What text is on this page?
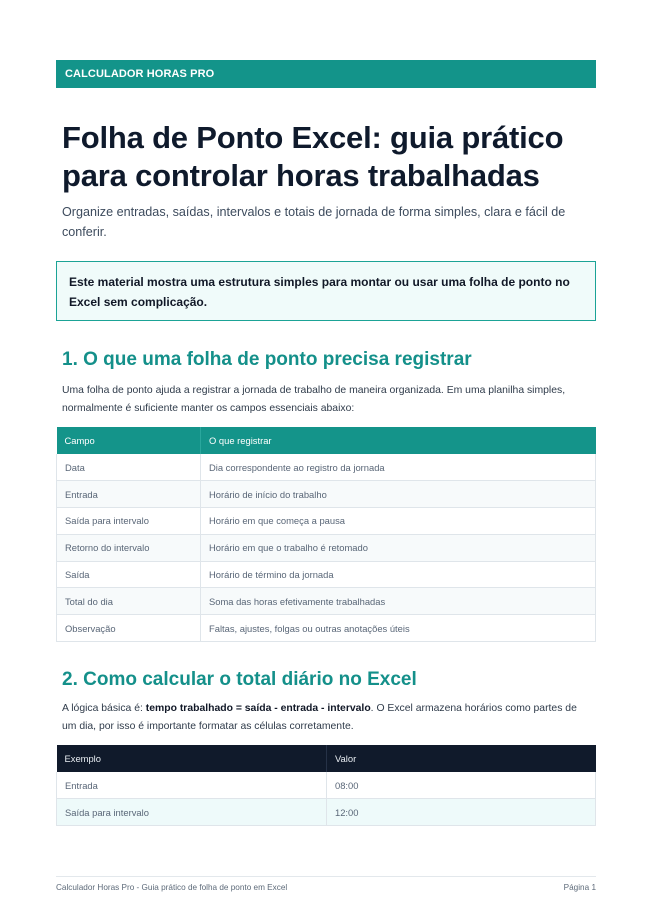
CALCULADOR HORAS PRO
Folha de Ponto Excel: guia prático para controlar horas trabalhadas

Organize entradas, saídas, intervalos e totais de jornada de forma simples, clara e fácil de conferir.

Este material mostra uma estrutura simples para montar ou usar uma folha de ponto no Excel sem complicação.
1. O que uma folha de ponto precisa registrar

Uma folha de ponto ajuda a registrar a jornada de trabalho de maneira organizada. Em uma planilha simples, normalmente é suficiente manter os campos essenciais abaixo:

Campo	O que registrar
Data	Dia correspondente ao registro da jornada
Entrada	Horário de início do trabalho
Saída para intervalo	Horário em que começa a pausa
Retorno do intervalo	Horário em que o trabalho é retomado
Saída	Horário de término da jornada
Total do dia	Soma das horas efetivamente trabalhadas
Observação	Faltas, ajustes, folgas ou outras anotações úteis
2. Como calcular o total diário no Excel

A lógica básica é: tempo trabalhado = saída - entrada - intervalo. O Excel armazena horários como partes de um dia, por isso é importante formatar as células corretamente.

Exemplo	Valor
Entrada	08:00
Saída para intervalo	12:00
Calculador Horas Pro - Guia prático de folha de ponto em Excel	Página 1
